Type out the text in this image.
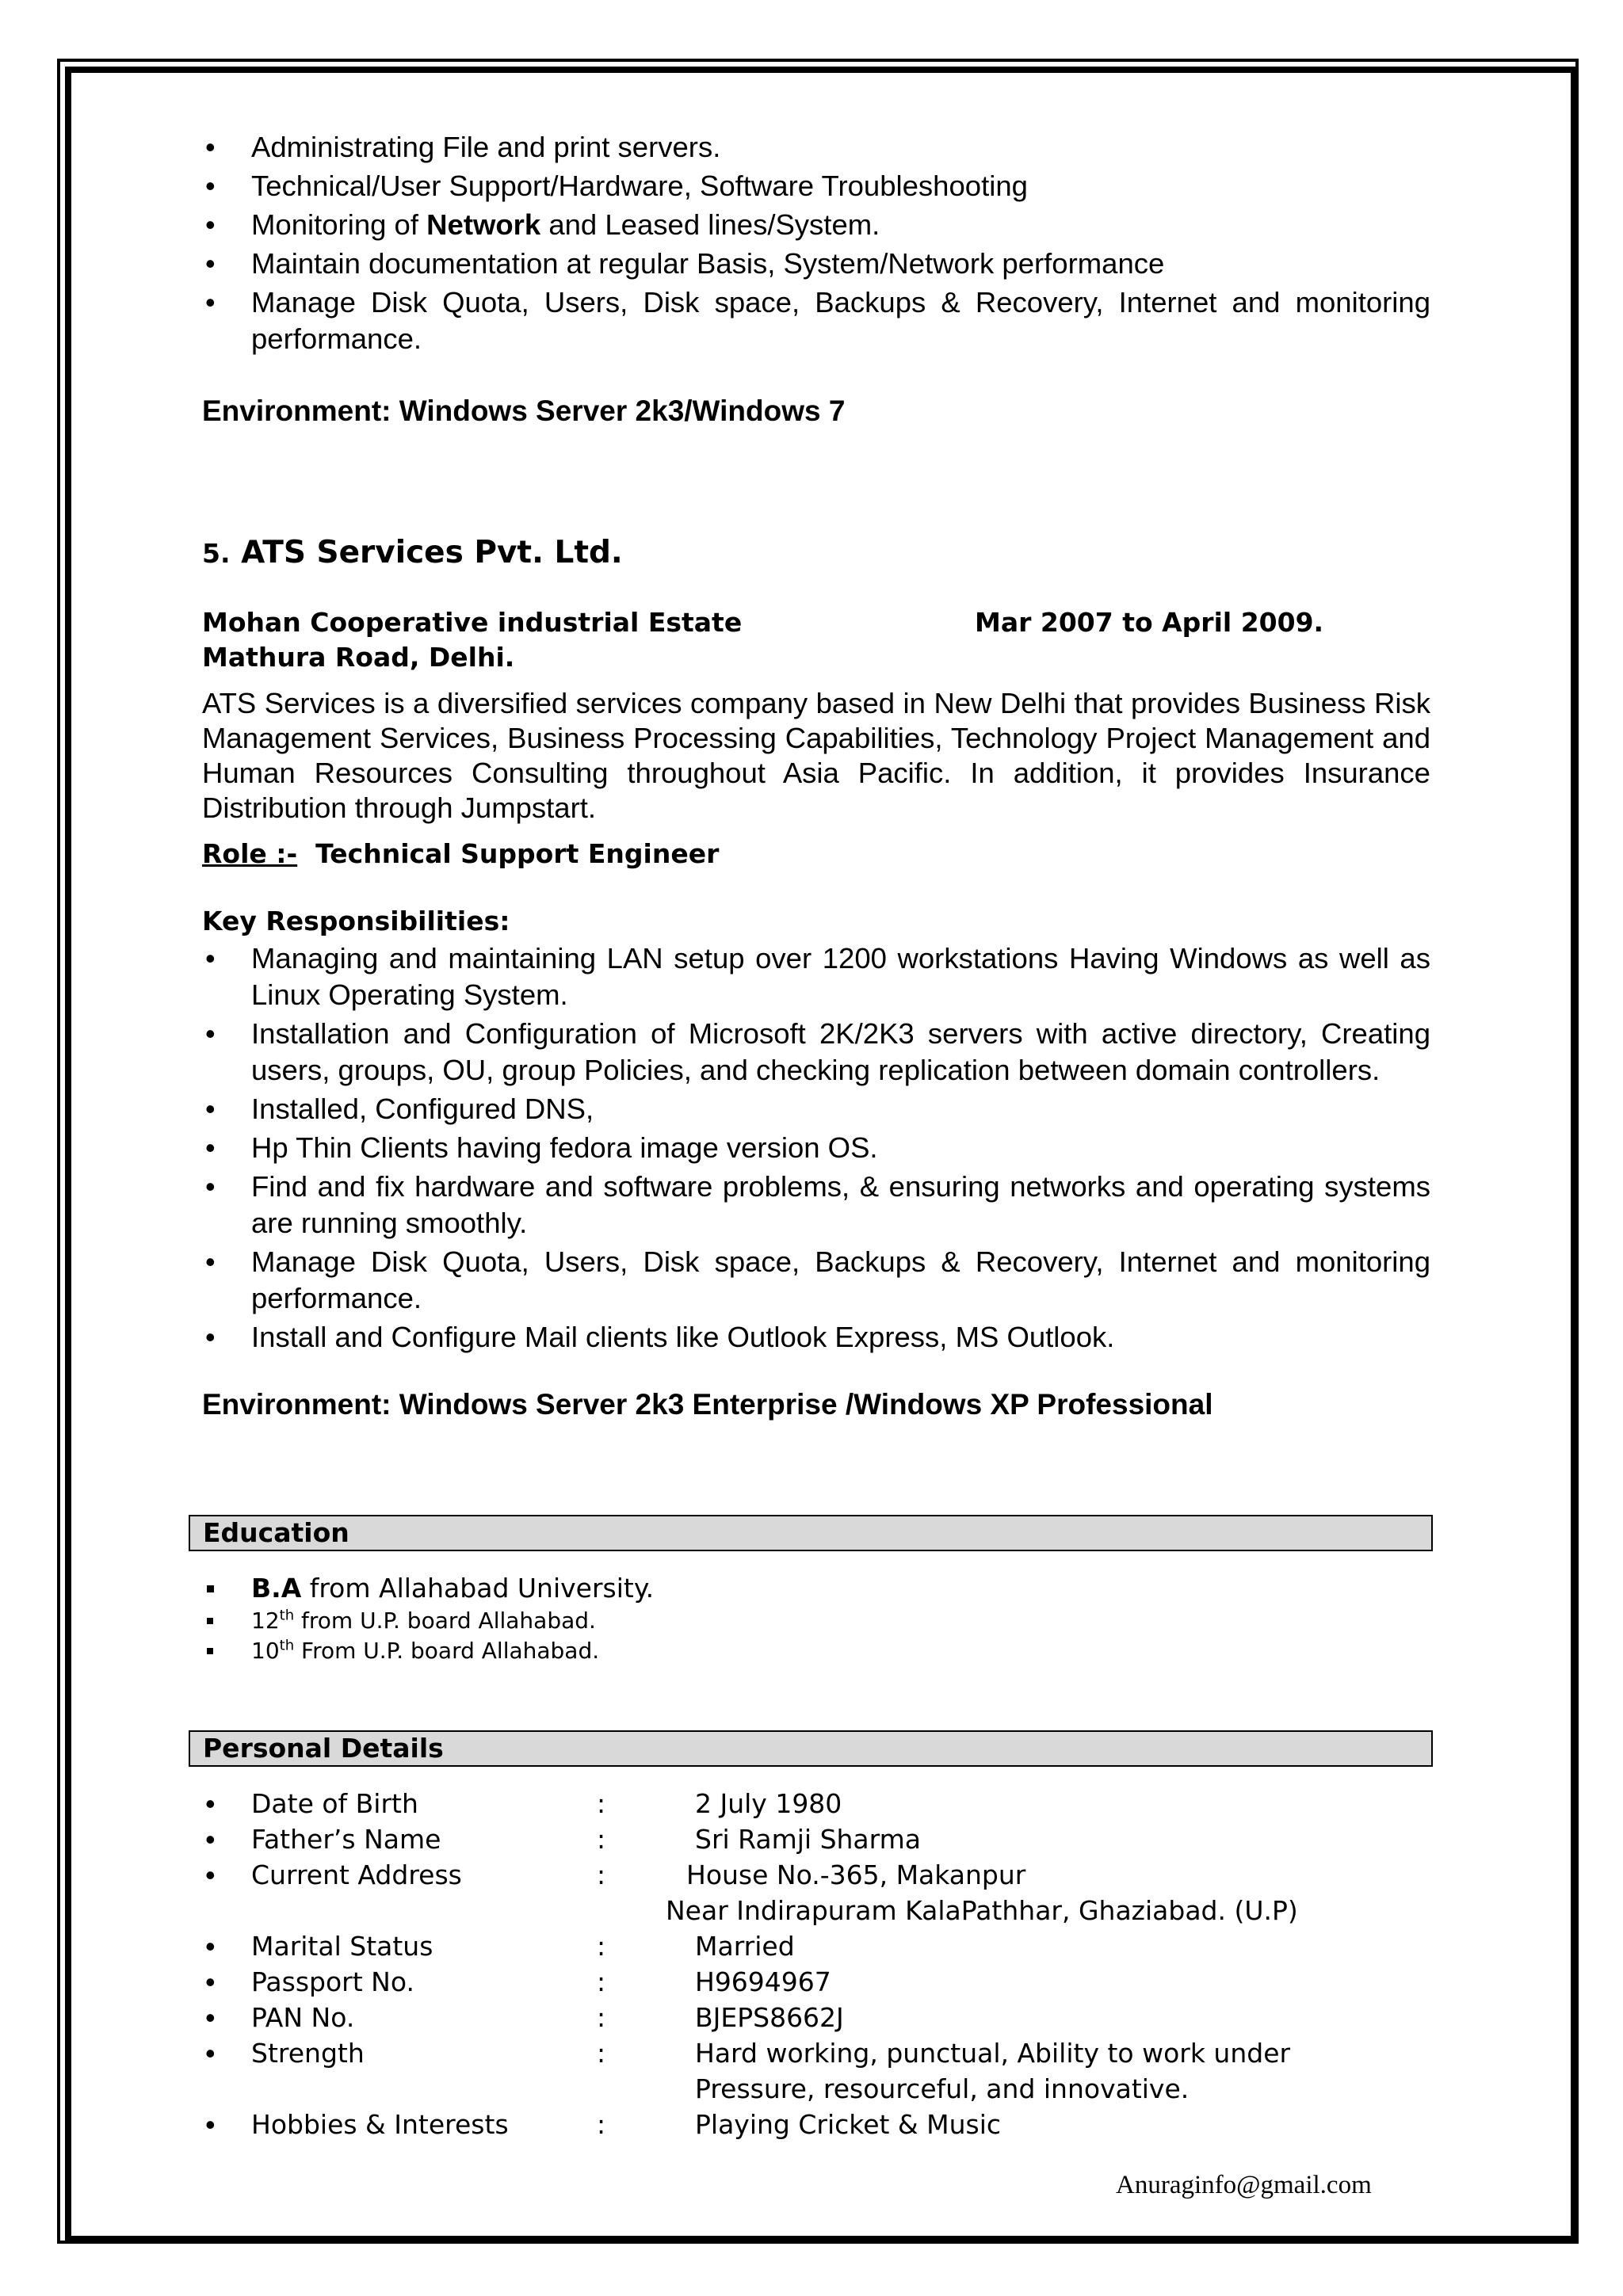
• Administrating File and print servers.
• Technical/User Support/Hardware, Software Troubleshooting
• Monitoring of Network and Leased lines/System.
• Maintain documentation at regular Basis, System/Network performance
• Manage Disk Quota, Users, Disk space, Backups & Recovery, Internet and monitoring performance.
Environment: Windows Server 2k3/Windows 7
5. ATS Services Pvt. Ltd.
Mohan Cooperative industrial Estate	Mar 2007 to April 2009.
Mathura Road, Delhi.
ATS Services is a diversified services company based in New Delhi that provides Business Risk Management Services, Business Processing Capabilities, Technology Project Management and Human Resources Consulting throughout Asia Pacific. In addition, it provides Insurance Distribution through Jumpstart.
Role :- Technical Support Engineer
Key Responsibilities:
• Managing and maintaining LAN setup over 1200 workstations Having Windows as well as Linux Operating System.
• Installation and Configuration of Microsoft 2K/2K3 servers with active directory, Creating users, groups, OU, group Policies, and checking replication between domain controllers.
• Installed, Configured DNS,
• Hp Thin Clients having fedora image version OS.
• Find and fix hardware and software problems, & ensuring networks and operating systems are running smoothly.
• Manage Disk Quota, Users, Disk space, Backups & Recovery, Internet and monitoring performance.
• Install and Configure Mail clients like Outlook Express, MS Outlook.
Environment: Windows Server 2k3 Enterprise /Windows XP Professional
Education
B.A from Allahabad University.
12th from U.P. board Allahabad.
10th From U.P. board Allahabad.
Personal Details
• Date of Birth	:	2 July 1980
• Father’s Name	:	Sri Ramji Sharma
• Current Address	:	House No.-365, Makanpur
Near Indirapuram KalaPathhar, Ghaziabad. (U.P)
• Marital Status	:	Married
• Passport No.	:	H9694967
• PAN No.	:	BJEPS8662J
• Strength	:	Hard working, punctual, Ability to work under
Pressure, resourceful, and innovative.
• Hobbies & Interests	:	Playing Cricket & Music
Anuraginfo@gmail.com
